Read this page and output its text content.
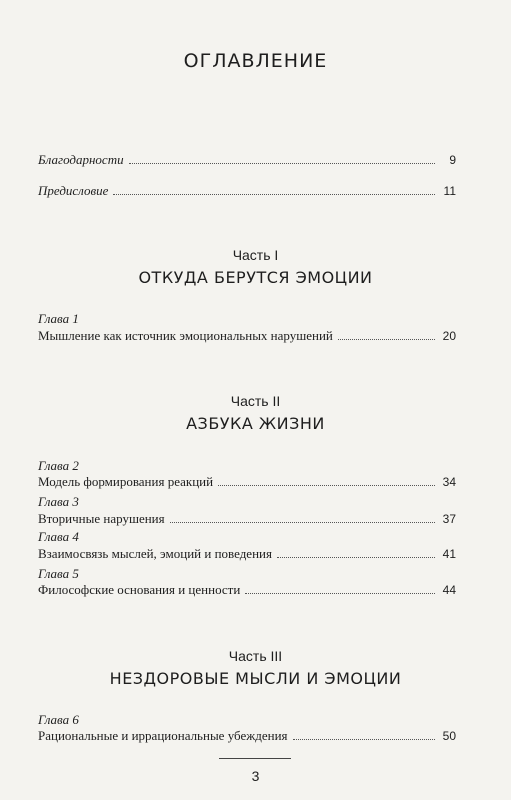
ОГЛАВЛЕНИЕ
Благодарности	9
Предисловие	11
Часть I
ОТКУДА БЕРУТСЯ ЭМОЦИИ
Глава 1
Мышление как источник эмоциональных нарушений	20
Часть II
АЗБУКА ЖИЗНИ
Глава 2
Модель формирования реакций	34
Глава 3
Вторичные нарушения	37
Глава 4
Взаимосвязь мыслей, эмоций и поведения	41
Глава 5
Философские основания и ценности	44
Часть III
НЕЗДОРОВЫЕ МЫСЛИ И ЭМОЦИИ
Глава 6
Рациональные и иррациональные убеждения	50
3
